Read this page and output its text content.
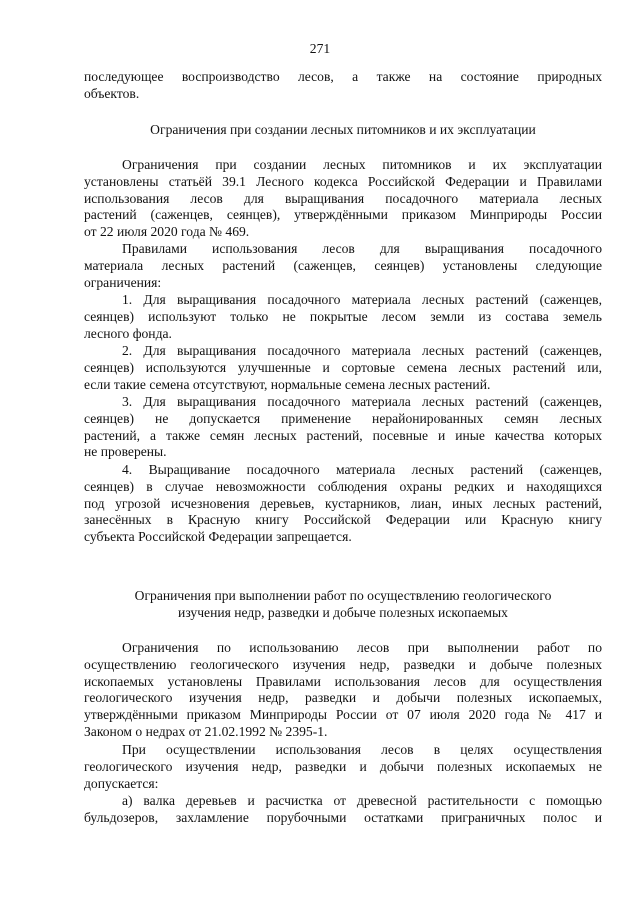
271

последующее воспроизводство лесов, а также на состояние природных

объектов.

Ограничения при создании лесных питомников и их эксплуатации

Ограничения при создании лесных питомников и их эксплуатации

установлены статьёй 39.1 Лесного кодекса Российской Федерации и Правилами

использования лесов для выращивания посадочного материала лесных

растений (саженцев, сеянцев), утверждёнными приказом Минприроды России

от 22 июля 2020 года № 469.

Правилами использования лесов для выращивания посадочного

материала лесных растений (саженцев, сеянцев) установлены следующие

ограничения:

1. Для выращивания посадочного материала лесных растений (саженцев,

сеянцев) используют только не покрытые лесом земли из состава земель

лесного фонда.

2. Для выращивания посадочного материала лесных растений (саженцев,

сеянцев) используются улучшенные и сортовые семена лесных растений или,

если такие семена отсутствуют, нормальные семена лесных растений.

3. Для выращивания посадочного материала лесных растений (саженцев,

сеянцев) не допускается применение нерайонированных семян лесных

растений, а также семян лесных растений, посевные и иные качества которых

не проверены.

4. Выращивание посадочного материала лесных растений (саженцев,

сеянцев) в случае невозможности соблюдения охраны редких и находящихся

под угрозой исчезновения деревьев, кустарников, лиан, иных лесных растений,

занесённых в Красную книгу Российской Федерации или Красную книгу

субъекта Российской Федерации запрещается.

Ограничения при выполнении работ по осуществлению геологического

изучения недр, разведки и добыче полезных ископаемых

Ограничения по использованию лесов при выполнении работ по

осуществлению геологического изучения недр, разведки и добыче полезных

ископаемых установлены Правилами использования лесов для осуществления

геологического изучения недр, разведки и добычи полезных ископаемых,

утверждёнными приказом Минприроды России от 07 июля 2020 года № 417 и

Законом о недрах от 21.02.1992 № 2395-1.

При осуществлении использования лесов в целях осуществления

геологического изучения недр, разведки и добычи полезных ископаемых не

допускается:

а) валка деревьев и расчистка от древесной растительности с помощью

бульдозеров, захламление порубочными остатками приграничных полос и
